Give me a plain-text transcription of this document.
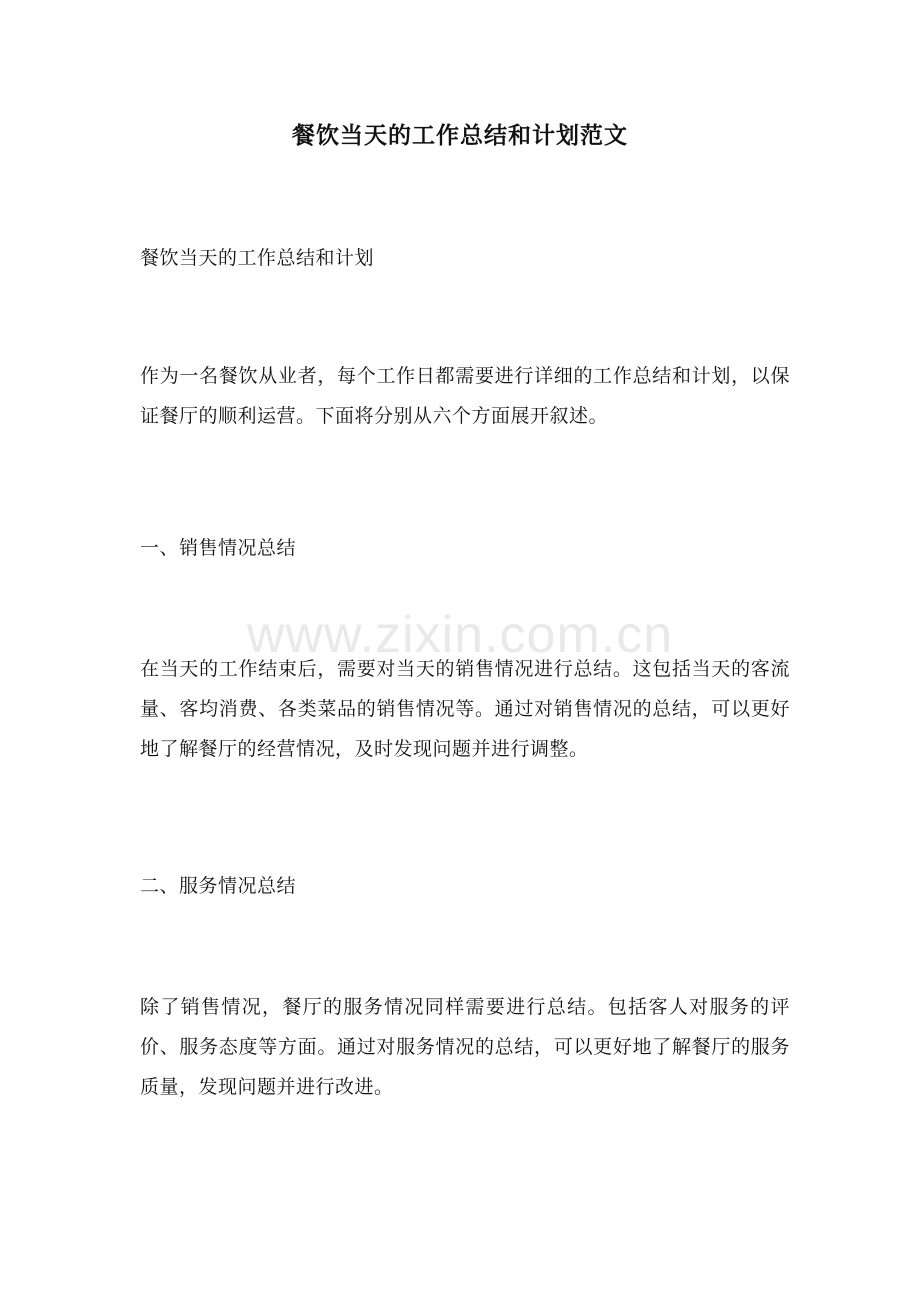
餐饮当天的工作总结和计划范文
餐饮当天的工作总结和计划
作为一名餐饮从业者，每个工作日都需要进行详细的工作总结和计划，以保证餐厅的顺利运营。下面将分别从六个方面展开叙述。
一、销售情况总结
在当天的工作结束后，需要对当天的销售情况进行总结。这包括当天的客流量、客均消费、各类菜品的销售情况等。通过对销售情况的总结，可以更好地了解餐厅的经营情况，及时发现问题并进行调整。
二、服务情况总结
除了销售情况，餐厅的服务情况同样需要进行总结。包括客人对服务的评价、服务态度等方面。通过对服务情况的总结，可以更好地了解餐厅的服务质量，发现问题并进行改进。
www.zixin.com.cn
